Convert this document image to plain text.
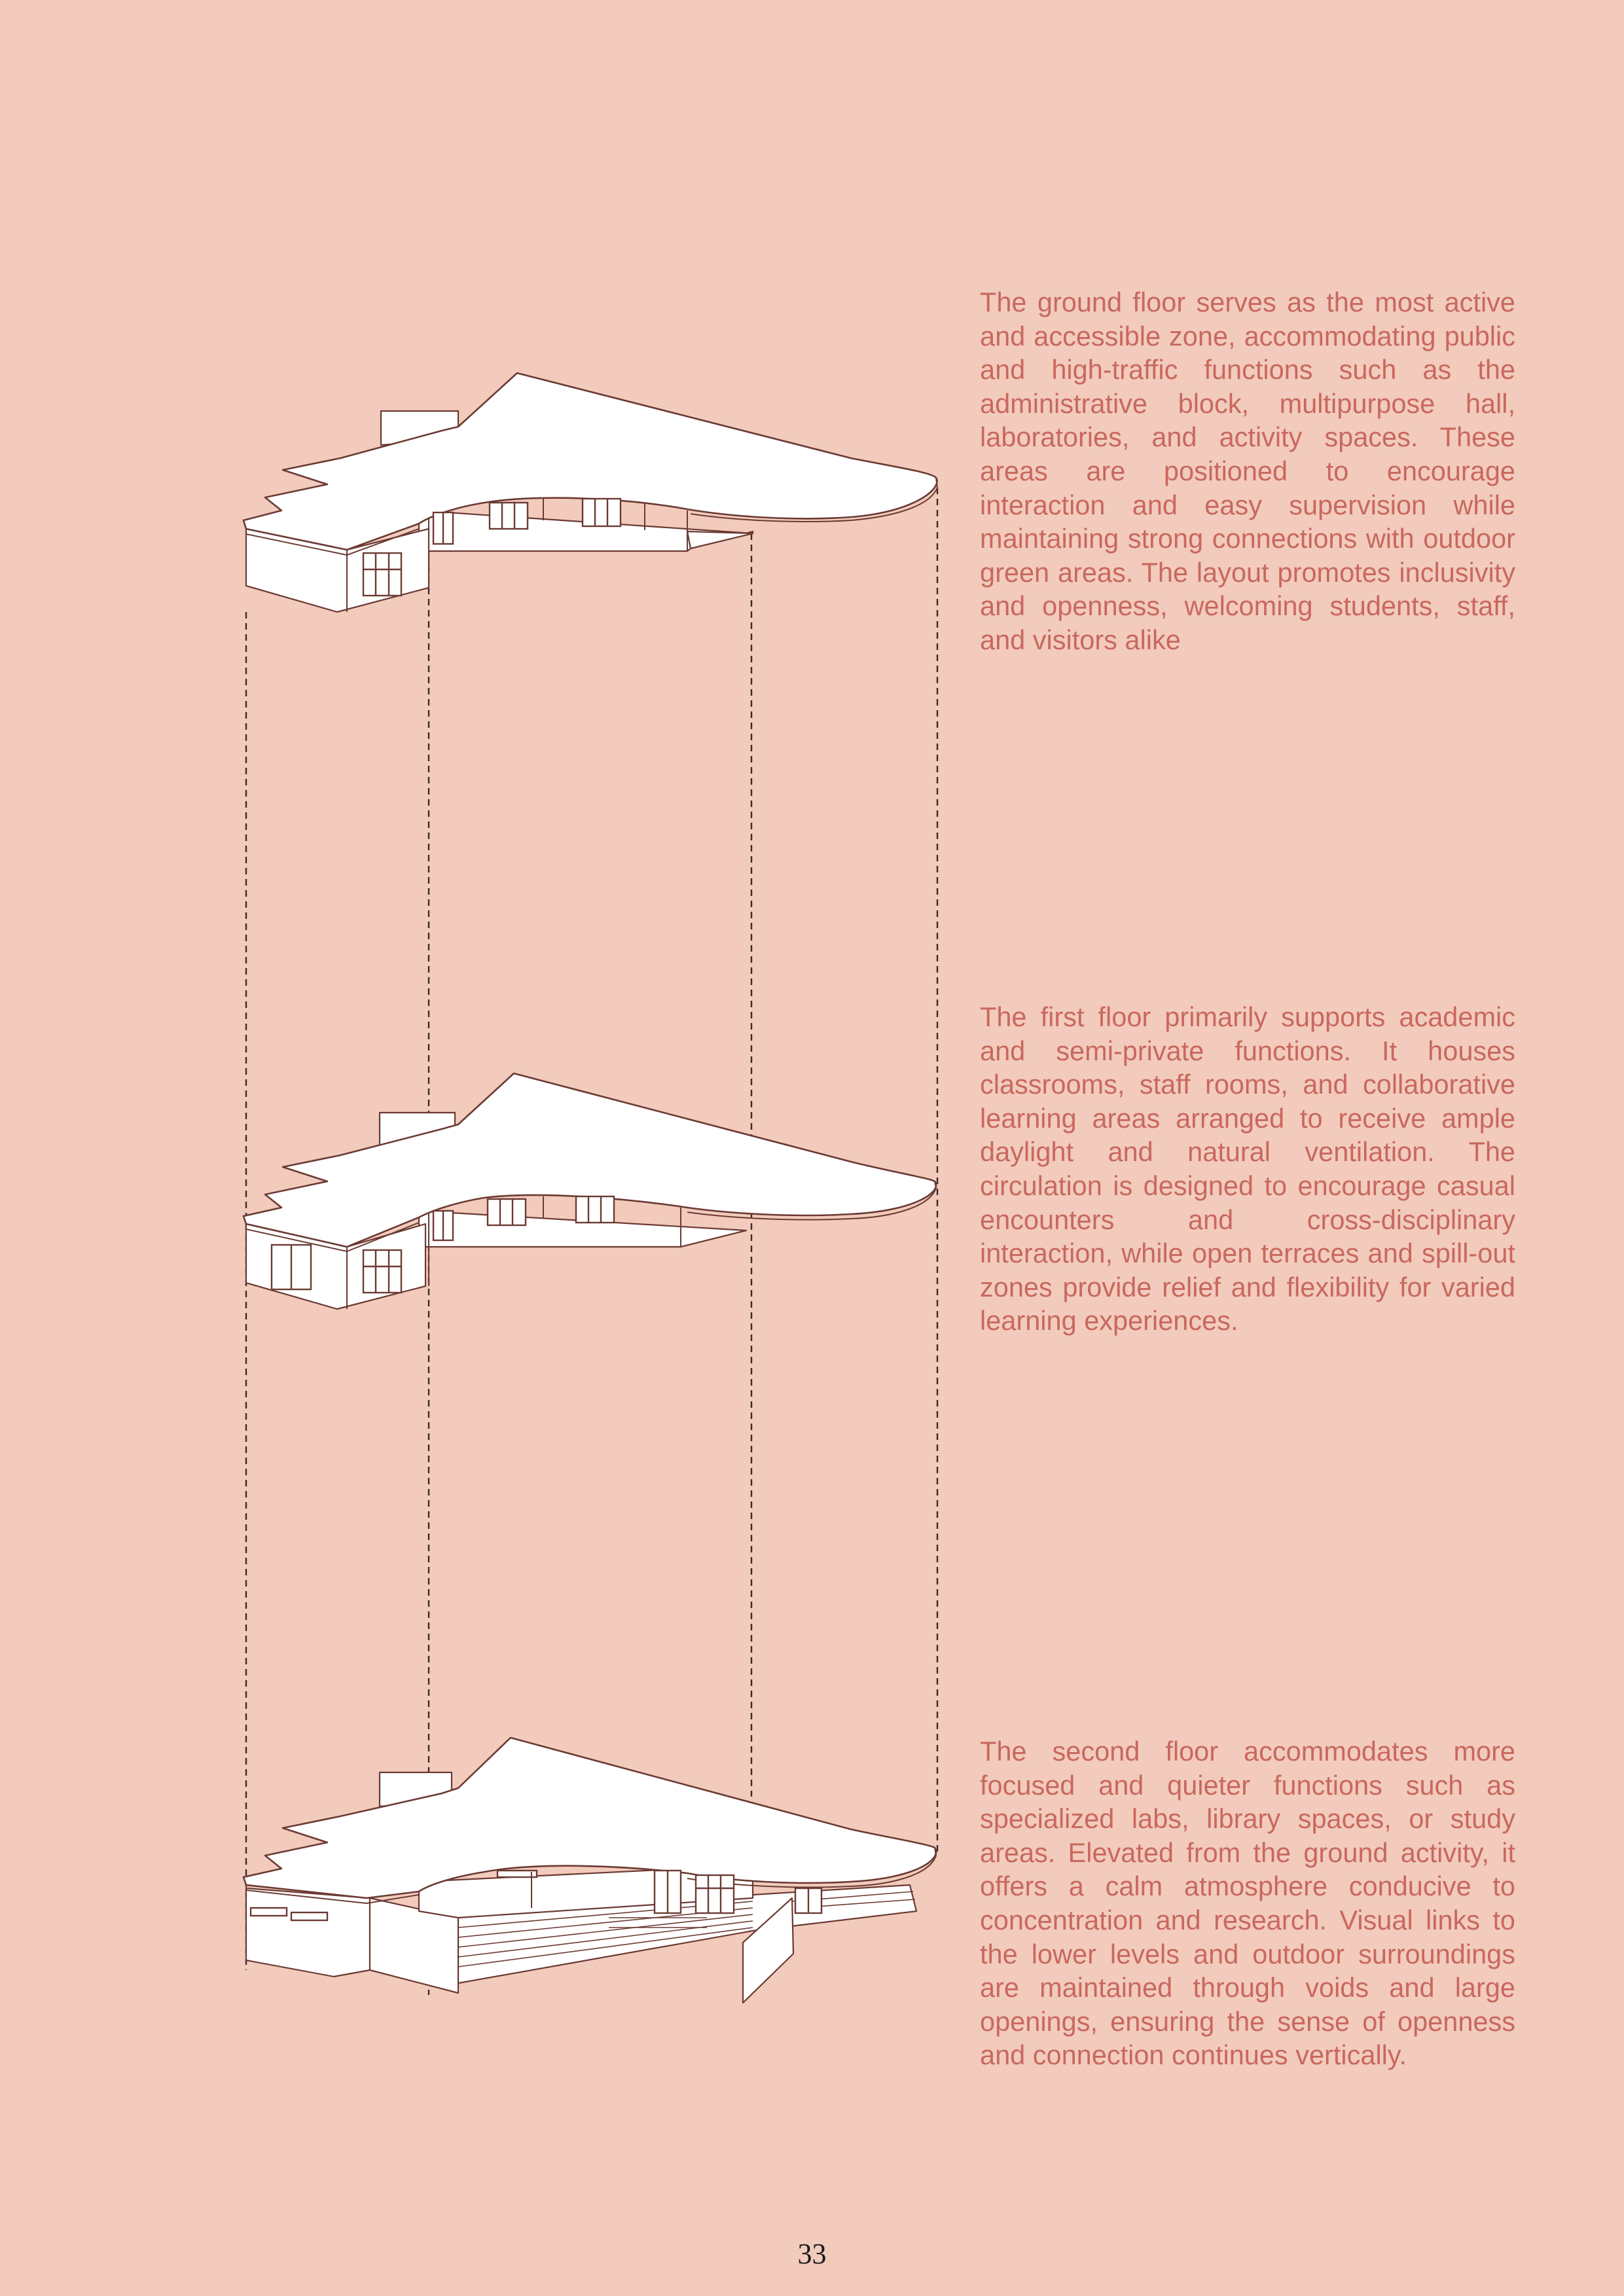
The ground floor serves as the most active and accessible zone, accommodating public and high-traffic functions such as the administrative block, multipurpose hall, laboratories, and activity spaces. These areas are positioned to encourage interaction and easy supervision while maintaining strong connections with outdoor green areas. The layout promotes inclusivity and openness, welcoming students, staff, and visitors alike

The first floor primarily supports academic and semi-private functions. It houses classrooms, staff rooms, and collaborative learning areas arranged to receive ample daylight and natural ventilation. The circulation is designed to encourage casual encounters and cross-disciplinary interaction, while open terraces and spill-out zones provide relief and flexibility for varied learning experiences.

The second floor accommodates more focused and quieter functions such as specialized labs, library spaces, or study areas. Elevated from the ground activity, it offers a calm atmosphere conducive to concentration and research. Visual links to the lower levels and outdoor surroundings are maintained through voids and large openings, ensuring the sense of openness and connection continues vertically.

33
